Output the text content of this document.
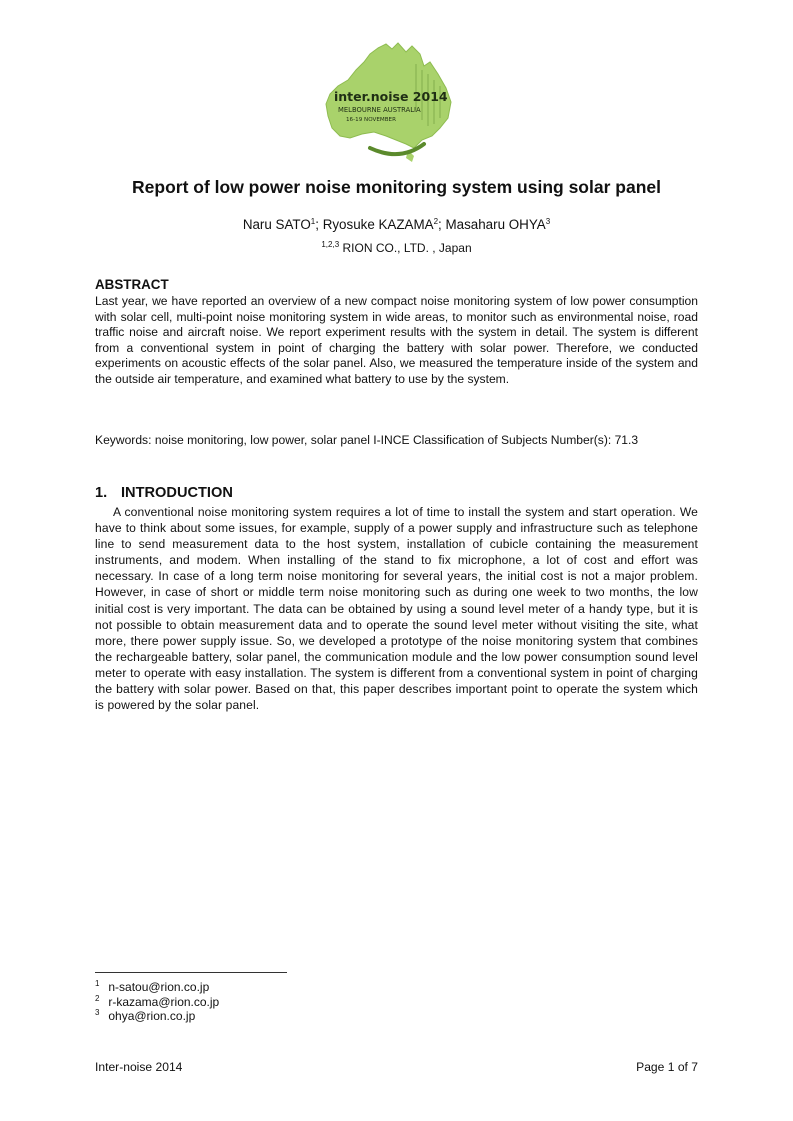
inter.noise 2014
MELBOURNE AUSTRALIA
16-19 NOVEMBER
Report of low power noise monitoring system using solar panel
Naru SATO$^1$; Ryosuke KAZAMA$^2$; Masaharu OHYA$^3$
$^{1,2,3}$ RION CO., LTD. , Japan
ABSTRACT
Last year, we have reported an overview of a new compact noise monitoring system of low power consumption with solar cell, multi-point noise monitoring system in wide areas, to monitor such as environmental noise, road traffic noise and aircraft noise. We report experiment results with the system in detail. The system is different from a conventional system in point of charging the battery with solar power. Therefore, we conducted experiments on acoustic effects of the solar panel. Also, we measured the temperature inside of the system and the outside air temperature, and examined what battery to use by the system.
Keywords: noise monitoring, low power, solar panel I-INCE Classification of Subjects Number(s): 71.3
1. INTRODUCTION
A conventional noise monitoring system requires a lot of time to install the system and start operation. We have to think about some issues, for example, supply of a power supply and infrastructure such as telephone line to send measurement data to the host system, installation of cubicle containing the measurement instruments, and modem. When installing of the stand to fix microphone, a lot of cost and effort was necessary. In case of a long term noise monitoring for several years, the initial cost is not a major problem. However, in case of short or middle term noise monitoring such as during one week to two months, the low initial cost is very important. The data can be obtained by using a sound level meter of a handy type, but it is not possible to obtain measurement data and to operate the sound level meter without visiting the site, what more, there power supply issue. So, we developed a prototype of the noise monitoring system that combines the rechargeable battery, solar panel, the communication module and the low power consumption sound level meter to operate with easy installation. The system is different from a conventional system in point of charging the battery with solar power. Based on that, this paper describes important point to operate the system which is powered by the solar panel.
$^1$ n-satou@rion.co.jp
$^2$ r-kazama@rion.co.jp
$^3$ ohya@rion.co.jp
Inter-noise 2014	Page 1 of 7
